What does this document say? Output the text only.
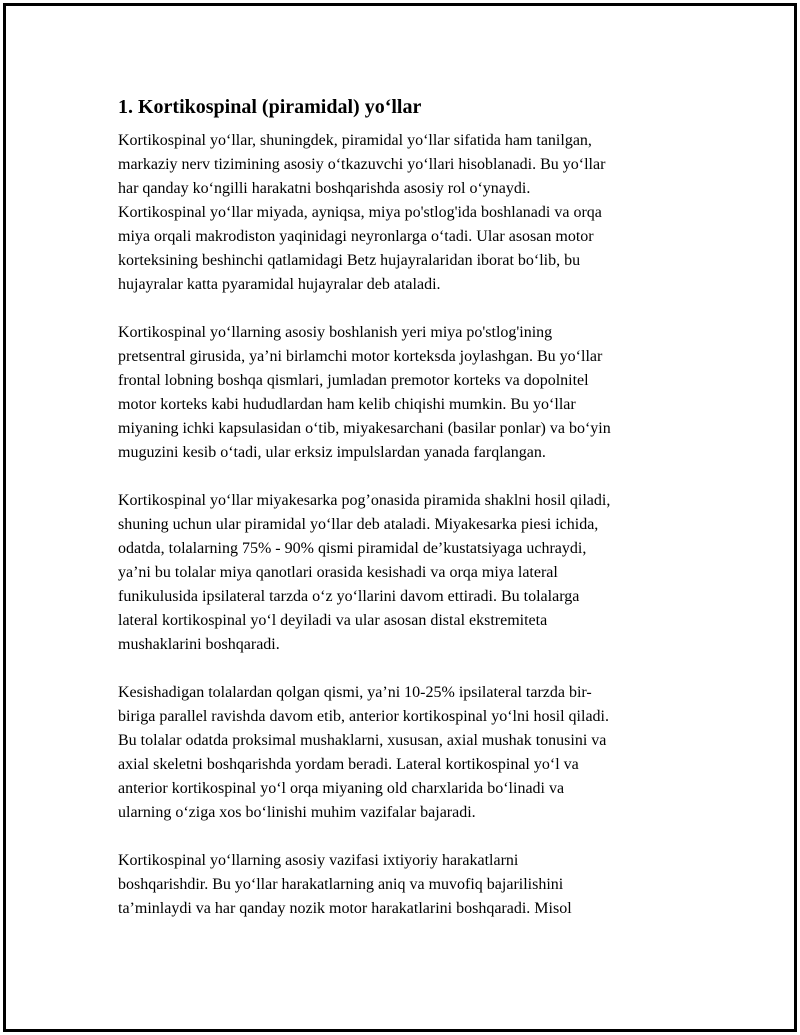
1. Kortikospinal (piramidal) yo‘llar
Kortikospinal yo‘llar, shuningdek, piramidal yo‘llar sifatida ham tanilgan,
markaziy nerv tizimining asosiy o‘tkazuvchi yo‘llari hisoblanadi. Bu yo‘llar
har qanday ko‘ngilli harakatni boshqarishda asosiy rol o‘ynaydi.
Kortikospinal yo‘llar miyada, ayniqsa, miya po'stlog'ida boshlanadi va orqa
miya orqali makrodiston yaqinidagi neyronlarga o‘tadi. Ular asosan motor
korteksining beshinchi qatlamidagi Betz hujayralaridan iborat bo‘lib, bu
hujayralar katta pyaramidal hujayralar deb ataladi.
Kortikospinal yo‘llarning asosiy boshlanish yeri miya po'stlog'ining
pretsentral girusida, ya’ni birlamchi motor korteksda joylashgan. Bu yo‘llar
frontal lobning boshqa qismlari, jumladan premotor korteks va dopolnitel
motor korteks kabi hududlardan ham kelib chiqishi mumkin. Bu yo‘llar
miyaning ichki kapsulasidan o‘tib, miyakesarchani (basilar ponlar) va bo‘yin
muguzini kesib o‘tadi, ular erksiz impulslardan yanada farqlangan.
Kortikospinal yo‘llar miyakesarka pog’onasida piramida shaklni hosil qiladi,
shuning uchun ular piramidal yo‘llar deb ataladi. Miyakesarka piesi ichida,
odatda, tolalarning 75% - 90% qismi piramidal de’kustatsiyaga uchraydi,
ya’ni bu tolalar miya qanotlari orasida kesishadi va orqa miya lateral
funikulusida ipsilateral tarzda o‘z yo‘llarini davom ettiradi. Bu tolalarga
lateral kortikospinal yo‘l deyiladi va ular asosan distal ekstremiteta
mushaklarini boshqaradi.
Kesishadigan tolalardan qolgan qismi, ya’ni 10-25% ipsilateral tarzda bir-
biriga parallel ravishda davom etib, anterior kortikospinal yo‘lni hosil qiladi.
Bu tolalar odatda proksimal mushaklarni, xususan, axial mushak tonusini va
axial skeletni boshqarishda yordam beradi. Lateral kortikospinal yo‘l va
anterior kortikospinal yo‘l orqa miyaning old charxlarida bo‘linadi va
ularning o‘ziga xos bo‘linishi muhim vazifalar bajaradi.
Kortikospinal yo‘llarning asosiy vazifasi ixtiyoriy harakatlarni
boshqarishdir. Bu yo‘llar harakatlarning aniq va muvofiq bajarilishini
ta’minlaydi va har qanday nozik motor harakatlarini boshqaradi. Misol
